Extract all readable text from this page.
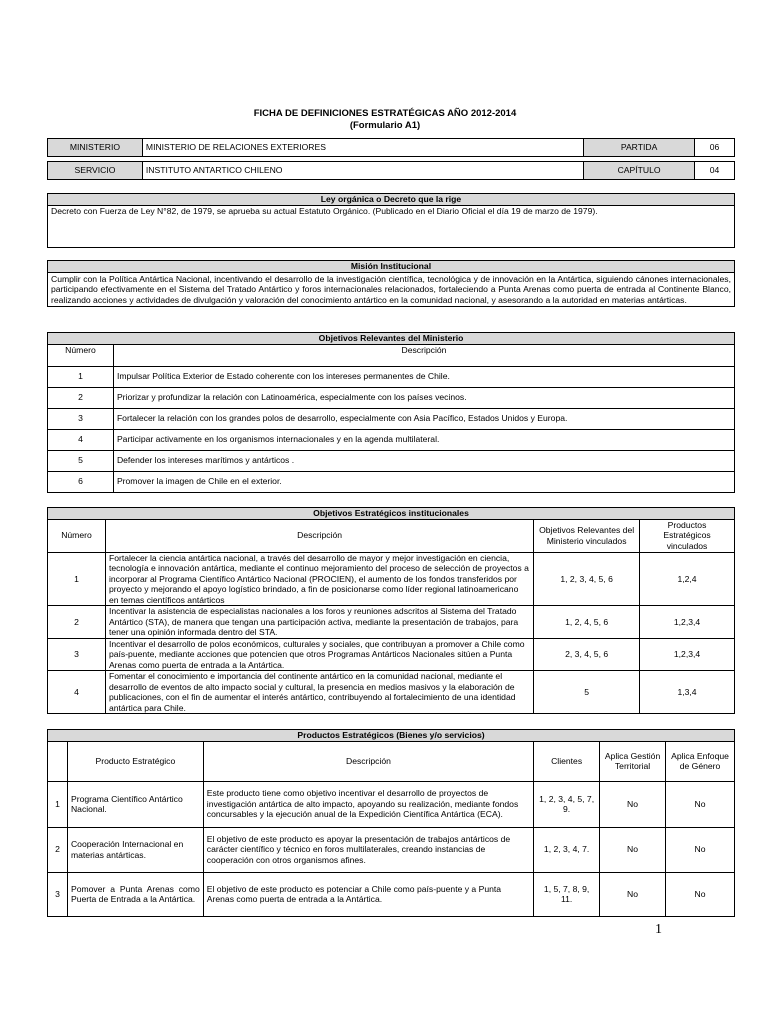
FICHA DE DEFINICIONES ESTRATÉGICAS AÑO 2012-2014
(Formulario A1)
MINISTERIO	MINISTERIO DE RELACIONES EXTERIORES	PARTIDA	06

SERVICIO	INSTITUTO ANTARTICO CHILENO	CAPÍTULO	04
Ley orgánica o Decreto que la rige
Decreto con Fuerza de Ley N°82, de 1979, se aprueba su actual Estatuto Orgánico. (Publicado en el Diario Oficial el día 19 de marzo de 1979).
Misión Institucional
Cumplir con la Política Antártica Nacional, incentivando el desarrollo de la investigación científica, tecnológica y de innovación en la Antártica, siguiendo cánones internacionales, participando efectivamente en el Sistema del Tratado Antártico y foros internacionales relacionados, fortaleciendo a Punta Arenas como puerta de entrada al Continente Blanco, realizando acciones y actividades de divulgación y valoración del conocimiento antártico en la comunidad nacional, y asesorando a la autoridad en materias antárticas.
Objetivos Relevantes del Ministerio	
Número	Descripción
1	Impulsar Política Exterior de Estado coherente con los intereses permanentes de Chile.
2	Priorizar y profundizar la relación con Latinoamérica, especialmente con los países vecinos.
3	Fortalecer la relación con los grandes polos de desarrollo, especialmente con Asia Pacífico, Estados Unidos y Europa.
4	Participar activamente en los organismos internacionales y en la agenda multilateral.
5	Defender los intereses marítimos y antárticos .
6	Promover la imagen de Chile en el exterior.
Objetivos Estratégicos institucionales			
Número	Descripción	Objetivos Relevantes del Ministerio vinculados	Productos Estratégicos vinculados
1	Fortalecer la ciencia antártica nacional, a través del desarrollo de mayor y mejor investigación en ciencia, tecnología e innovación antártica, mediante el continuo mejoramiento del proceso de selección de proyectos a incorporar al Programa Científico Antártico Nacional (PROCIEN), el aumento de los fondos transferidos por proyecto y mejorando el apoyo logístico brindado, a fin de posicionarse como líder regional latinoamericano en temas científicos antárticos	1, 2, 3, 4, 5, 6	1,2,4
2	Incentivar la asistencia de especialistas nacionales a los foros y reuniones adscritos al Sistema del Tratado Antártico (STA), de manera que tengan una participación activa, mediante la presentación de trabajos, para tener una opinión informada dentro del STA.	1, 2, 4, 5, 6	1,2,3,4
3	Incentivar el desarrollo de polos económicos, culturales y sociales, que contribuyan a promover a Chile como país-puente, mediante acciones que potencien que otros Programas Antárticos Nacionales sitúen a Punta Arenas como puerta de entrada a la Antártica.	2, 3, 4, 5, 6	1,2,3,4
4	Fomentar el conocimiento e importancia del continente antártico en la comunidad nacional, mediante el desarrollo de eventos de alto impacto social y cultural, la presencia en medios masivos y la elaboración de publicaciones, con el fin de aumentar el interés antártico, contribuyendo al fortalecimiento de una identidad antártica para Chile.	5	1,3,4
Productos Estratégicos (Bienes y/o servicios)					
	Producto Estratégico	Descripción	Clientes	Aplica Gestión Territorial	Aplica Enfoque de Género
1	Programa Científico Antártico Nacional.	Este producto tiene como objetivo incentivar el desarrollo de proyectos de investigación antártica de alto impacto, apoyando su realización, mediante fondos concursables y la ejecución anual de la Expedición Científica Antártica (ECA).	1, 2, 3, 4, 5, 7, 9.	No	No
2	Cooperación Internacional en materias antárticas.	El objetivo de este producto es apoyar la presentación de trabajos antárticos de carácter científico y técnico en foros multilaterales, creando instancias de cooperación con otros organismos afines.	1, 2, 3, 4, 7.	No	No
3	Pomover a Punta Arenas como Puerta de Entrada a la Antártica.	El objetivo de este producto es potenciar a Chile como país-puente y a Punta Arenas como puerta de entrada a la Antártica.	1, 5, 7, 8, 9, 11.	No	No
1
